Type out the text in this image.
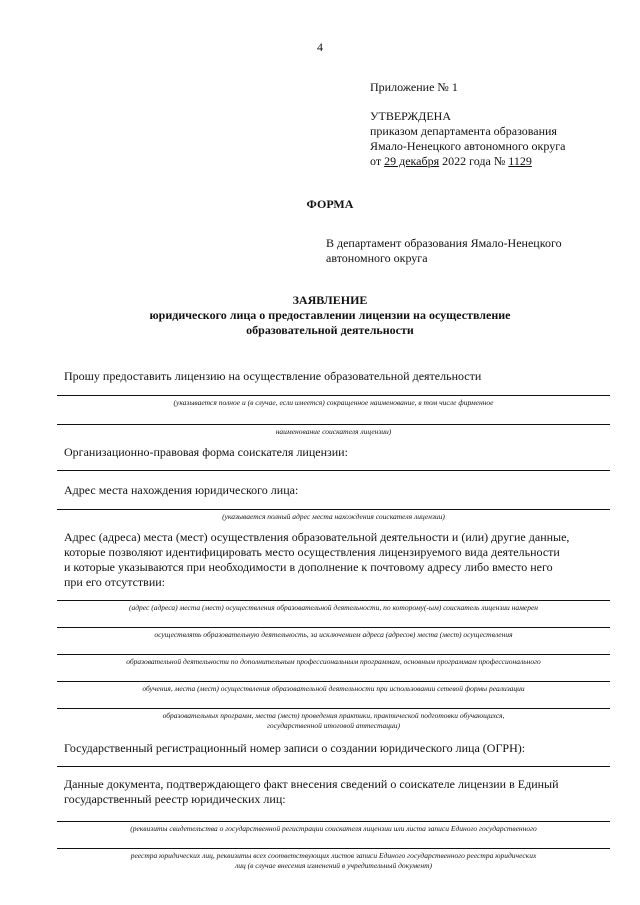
4
Приложение № 1
УТВЕРЖДЕНА
приказом департамента образования
Ямало-Ненецкого автономного округа
от 29 декабря 2022 года № 1129
ФОРМА
В департамент образования Ямало-Ненецкого
автономного округа
ЗАЯВЛЕНИЕ
юридического лица о предоставлении лицензии на осуществление
образовательной деятельности
Прошу предоставить лицензию на осуществление образовательной деятельности
(указывается полное и (в случае, если имеется) сокращенное наименование, в том числе фирменное
наименование соискателя лицензии)
Организационно-правовая форма соискателя лицензии:
Адрес места нахождения юридического лица:
(указывается полный адрес места нахождения соискателя лицензии)
Адрес (адреса) места (мест) осуществления образовательной деятельности и (или) другие данные,
которые позволяют идентифицировать место осуществления лицензируемого вида деятельности
и которые указываются при необходимости в дополнение к почтовому адресу либо вместо него
при его отсутствии:
(адрес (адреса) места (мест) осуществления образовательной деятельности, по которому(-ым) соискатель лицензии намерен
осуществлять образовательную деятельность, за исключением адреса (адресов) места (мест) осуществления
образовательной деятельности по дополнительным профессиональным программам, основным программам профессионального
обучения, места (мест) осуществления образовательной деятельности при использовании сетевой формы реализации
образовательных программ, места (мест) проведения практики, практической подготовки обучающихся,
государственной итоговой аттестации)
Государственный регистрационный номер записи о создании юридического лица (ОГРН):
Данные документа, подтверждающего факт внесения сведений о соискателе лицензии в Единый
государственный реестр юридических лиц:
(реквизиты свидетельства о государственной регистрации соискателя лицензии или листа записи Единого государственного
реестра юридических лиц, реквизиты всех соответствующих листов записи Единого государственного реестра юридических
лиц (в случае внесения изменений в учредительный документ)
